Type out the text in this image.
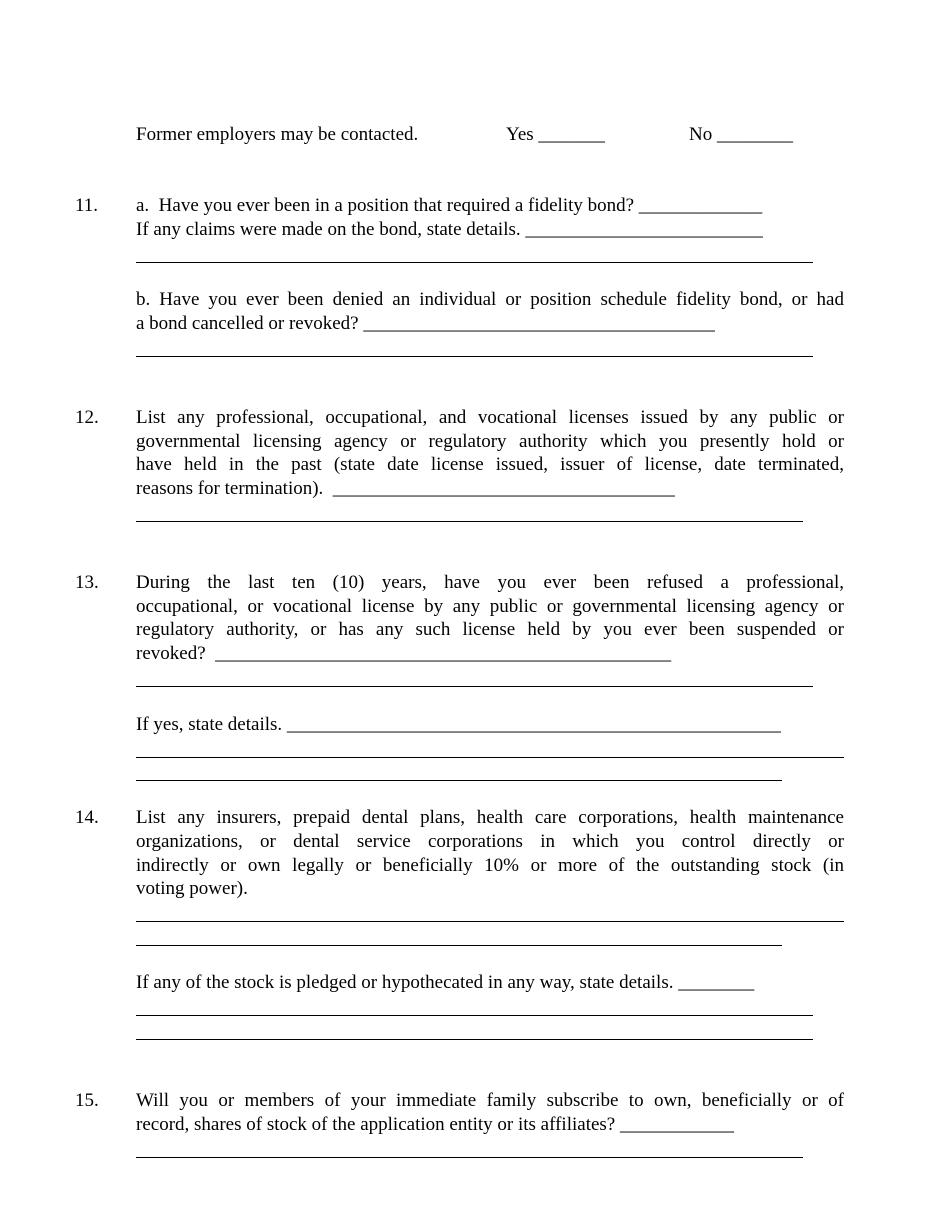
Former employers may be contacted.	Yes _______	No ________
11. a.  Have you ever been in a position that required a fidelity bond? _____________
If any claims were made on the bond, state details. _________________________
b. Have you ever been denied an individual or position schedule fidelity bond, or had
a bond cancelled or revoked? _____________________________________
12. List any professional, occupational, and vocational licenses issued by any public or
governmental licensing agency or regulatory authority which you presently hold or
have held in the past (state date license issued, issuer of license, date terminated,
reasons for termination).  ____________________________________
13. During the last ten (10) years, have you ever been refused a professional,
occupational, or vocational license by any public or governmental licensing agency or
regulatory authority, or has any such license held by you ever been suspended or
revoked?  ________________________________________________
If yes, state details. ____________________________________________________
14. List any insurers, prepaid dental plans, health care corporations, health maintenance
organizations, or dental service corporations in which you control directly or
indirectly or own legally or beneficially 10% or more of the outstanding stock (in
voting power).
If any of the stock is pledged or hypothecated in any way, state details. ________
15. Will you or members of your immediate family subscribe to own, beneficially or of
record, shares of stock of the application entity or its affiliates? ____________
